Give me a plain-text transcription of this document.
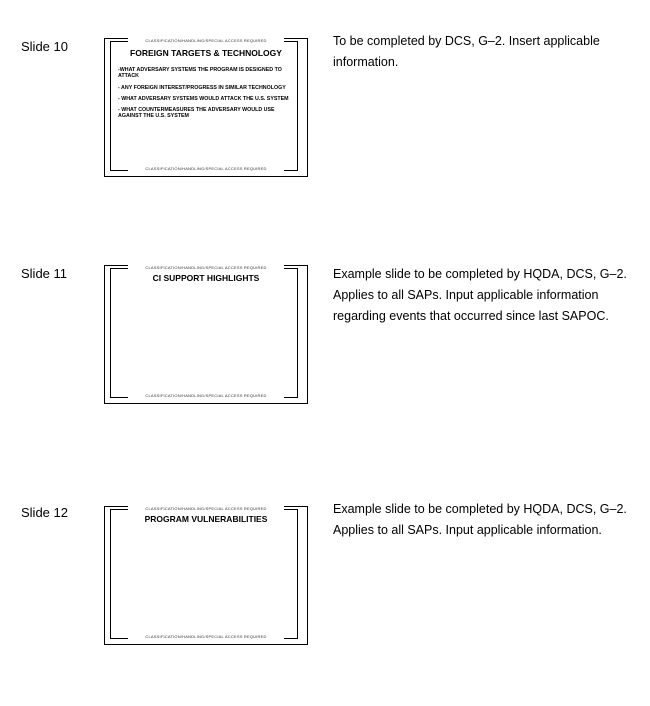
Slide 10	CLASSIFICATION/HANDLING/SPECIAL ACCESS REQUIRED
FOREIGN TARGETS & TECHNOLOGY
-WHAT ADVERSARY SYSTEMS THE PROGRAM IS DESIGNED TO ATTACK
- ANY FOREIGN INTEREST/PROGRESS IN SIMILAR TECHNOLOGY
- WHAT ADVERSARY SYSTEMS WOULD ATTACK THE U.S. SYSTEM
- WHAT COUNTERMEASURES THE ADVERSARY WOULD USE AGAINST THE U.S. SYSTEM
CLASSIFICATION/HANDLING/SPECIAL ACCESS REQUIRED
To be completed by DCS, G–2. Insert applicable information.
Slide 11	CLASSIFICATION/HANDLING/SPECIAL ACCESS REQUIRED
CI SUPPORT HIGHLIGHTS
CLASSIFICATION/HANDLING/SPECIAL ACCESS REQUIRED
Example slide to be completed by HQDA, DCS, G–2. Applies to all SAPs. Input applicable information regarding events that occurred since last SAPOC.
Slide 12	CLASSIFICATION/HANDLING/SPECIAL ACCESS REQUIRED
PROGRAM VULNERABILITIES
CLASSIFICATION/HANDLING/SPECIAL ACCESS REQUIRED
Example slide to be completed by HQDA, DCS, G–2. Applies to all SAPs. Input applicable information.
